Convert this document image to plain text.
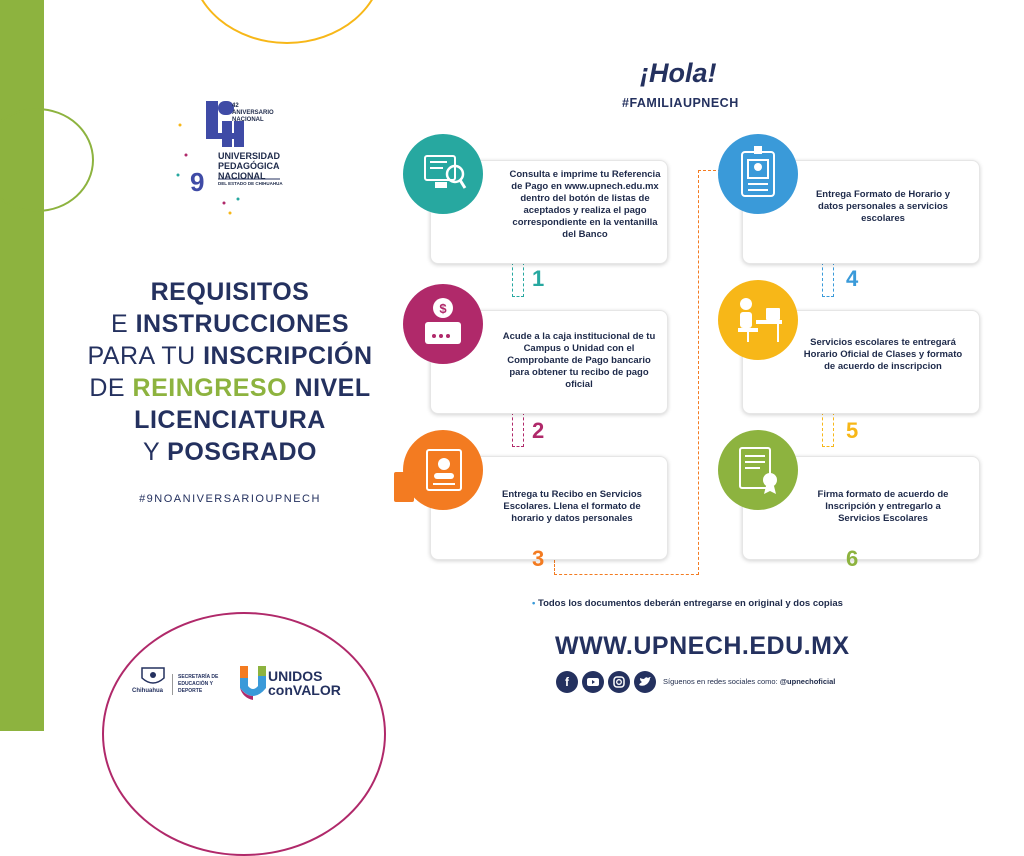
42 ANIVERSARIO NACIONAL
UNIVERSIDAD
PEDAGÓGICA
NACIONAL
9	DEL ESTADO DE CHIHUAHUA
REQUISITOS
E INSTRUCCIONES
PARA TU INSCRIPCIÓN
DE REINGRESO NIVEL
LICENCIATURA
Y POSGRADO
#9NOANIVERSARIOUPNECH
Chihuahua
SECRETARÍA DE EDUCACIÓN Y DEPORTE
UNIDOS
conVALOR
¡Hola!
#FAMILIAUPNECH
Consulta e imprime tu Referencia de Pago en www.upnech.edu.mx dentro del botón de listas de aceptados y realiza el pago correspondiente en la ventanilla del Banco
1
Acude a la caja institucional de tu Campus o Unidad con el Comprobante de Pago bancario para obtener tu recibo de pago oficial
$
2
Entrega tu Recibo en Servicios Escolares. Llena el formato de horario y datos personales
3
Entrega Formato de Horario y datos personales a servicios escolares
4
Servicios escolares te entregará Horario Oficial de Clases y formato de acuerdo de inscripcion
5
Firma formato de acuerdo de Inscripción y entregarlo a Servicios Escolares
6
• Todos los documentos deberán entregarse en original y dos copias
WWW.UPNECH.EDU.MX
f	Síguenos en redes sociales como: @upnechoficial
